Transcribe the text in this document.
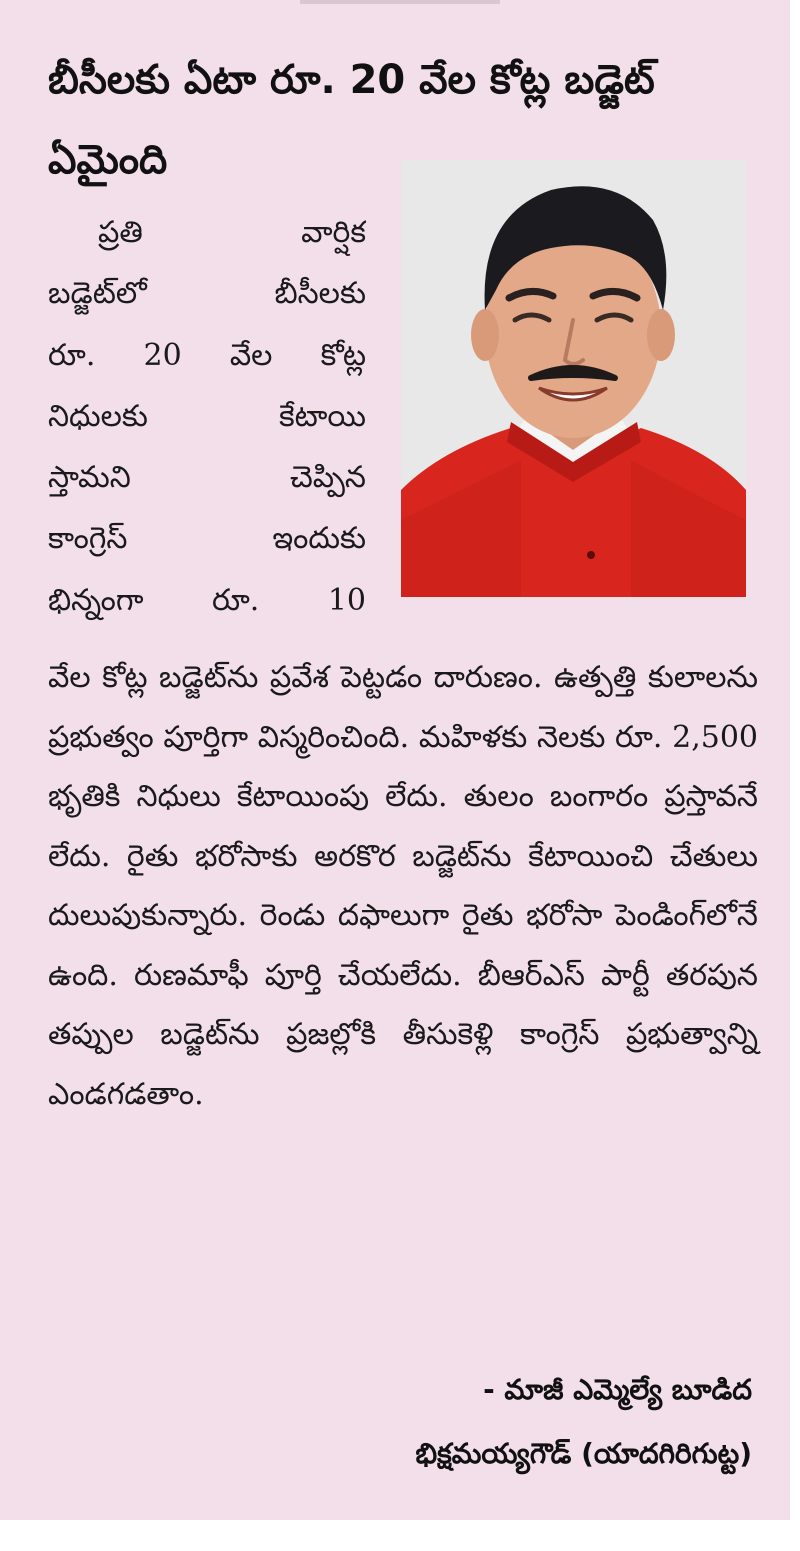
బీసీలకు ఏటా రూ. 20 వేల కోట్ల బడ్జెట్ ఏమైంది
ప్రతి వార్షిక
బడ్జెట్‌లో బీసీలకు
రూ. 20 వేల కోట్ల
నిధులకు కేటాయి
స్తామని చెప్పిన
కాంగ్రెస్ ఇందుకు
భిన్నంగా రూ. 10

వేల కోట్ల బడ్జెట్‌ను ప్రవేశ పెట్టడం దారుణం. ఉత్పత్తి కులాలను ప్రభుత్వం పూర్తిగా విస్మరించింది. మహిళకు నెలకు రూ. 2,500 భృతికి నిధులు కేటాయింపు లేదు. తులం బంగారం ప్రస్తావనే లేదు. రైతు భరోసాకు అరకొర బడ్జెట్‌ను కేటాయించి చేతులు దులుపుకున్నారు. రెండు దఫాలుగా రైతు భరోసా పెండింగ్‌లోనే ఉంది. రుణమాఫీ పూర్తి చేయలేదు. బీఆర్ఎస్ పార్టీ తరపున తప్పుల బడ్జెట్‌ను ప్రజల్లోకి తీసుకెళ్లి కాంగ్రెస్ ప్రభుత్వాన్ని ఎండగడతాం.

- మాజీ ఎమ్మెల్యే బూడిద
భిక్షమయ్యగౌడ్ (యాదగిరిగుట్ట)
